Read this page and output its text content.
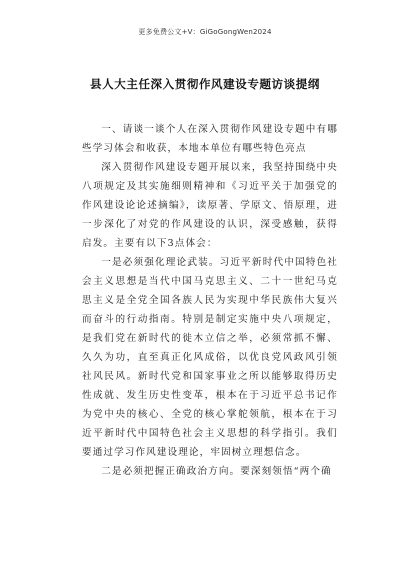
更多免费公文+V：GiGoGongWen2024
县人大主任深入贯彻作风建设专题访谈提纲

一、请谈一谈个人在深入贯彻作风建设专题中有哪些学习体会和收获，本地本单位有哪些特色亮点

深入贯彻作风建设专题开展以来，我坚持围绕中央八项规定及其实施细则精神和《习近平关于加强党的作风建设论论述摘编》，读原著、学原文、悟原理，进一步深化了对党的作风建设的认识，深受感触，获得启发。主要有以下3点体会：

一是必须强化理论武装。习近平新时代中国特色社会主义思想是当代中国马克思主义、二十一世纪马克思主义是全党全国各族人民为实现中华民族伟大复兴而奋斗的行动指南。特别是制定实施中央八项规定，是我们党在新时代的徙木立信之举，必须常抓不懈、久久为功，直至真正化风成俗，以优良党风政风引领社风民风。新时代党和国家事业之所以能够取得历史性成就、发生历史性变革，根本在于习近平总书记作为党中央的核心、全党的核心掌舵领航，根本在于习近平新时代中国特色社会主义思想的科学指引。我们要通过学习作风建设理论，牢固树立理想信念。

二是必须把握正确政治方向。要深刻领悟“两个确
